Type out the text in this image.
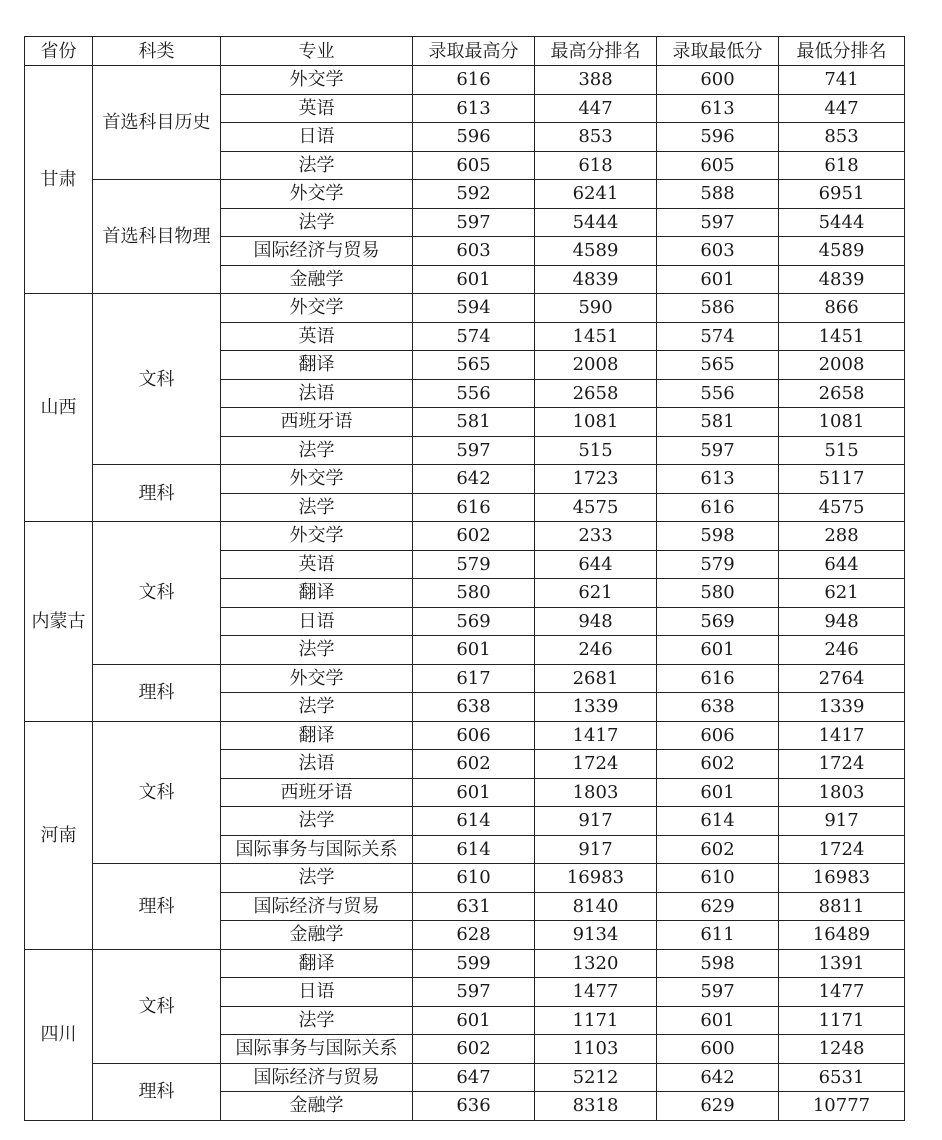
省份	科类	专业	录取最高分	最高分排名	录取最低分	最低分排名
甘肃	首选科目历史	外交学	616	388	600	741
		英语	613	447	613	447
		日语	596	853	596	853
		法学	605	618	605	618
	首选科目物理	外交学	592	6241	588	6951
		法学	597	5444	597	5444
		国际经济与贸易	603	4589	603	4589
		金融学	601	4839	601	4839
山西	文科	外交学	594	590	586	866
		英语	574	1451	574	1451
		翻译	565	2008	565	2008
		法语	556	2658	556	2658
		西班牙语	581	1081	581	1081
		法学	597	515	597	515
	理科	外交学	642	1723	613	5117
		法学	616	4575	616	4575
内蒙古	文科	外交学	602	233	598	288
		英语	579	644	579	644
		翻译	580	621	580	621
		日语	569	948	569	948
		法学	601	246	601	246
	理科	外交学	617	2681	616	2764
		法学	638	1339	638	1339
河南	文科	翻译	606	1417	606	1417
		法语	602	1724	602	1724
		西班牙语	601	1803	601	1803
		法学	614	917	614	917
		国际事务与国际关系	614	917	602	1724
	理科	法学	610	16983	610	16983
		国际经济与贸易	631	8140	629	8811
		金融学	628	9134	611	16489
四川	文科	翻译	599	1320	598	1391
		日语	597	1477	597	1477
		法学	601	1171	601	1171
		国际事务与国际关系	602	1103	600	1248
	理科	国际经济与贸易	647	5212	642	6531
		金融学	636	8318	629	10777
